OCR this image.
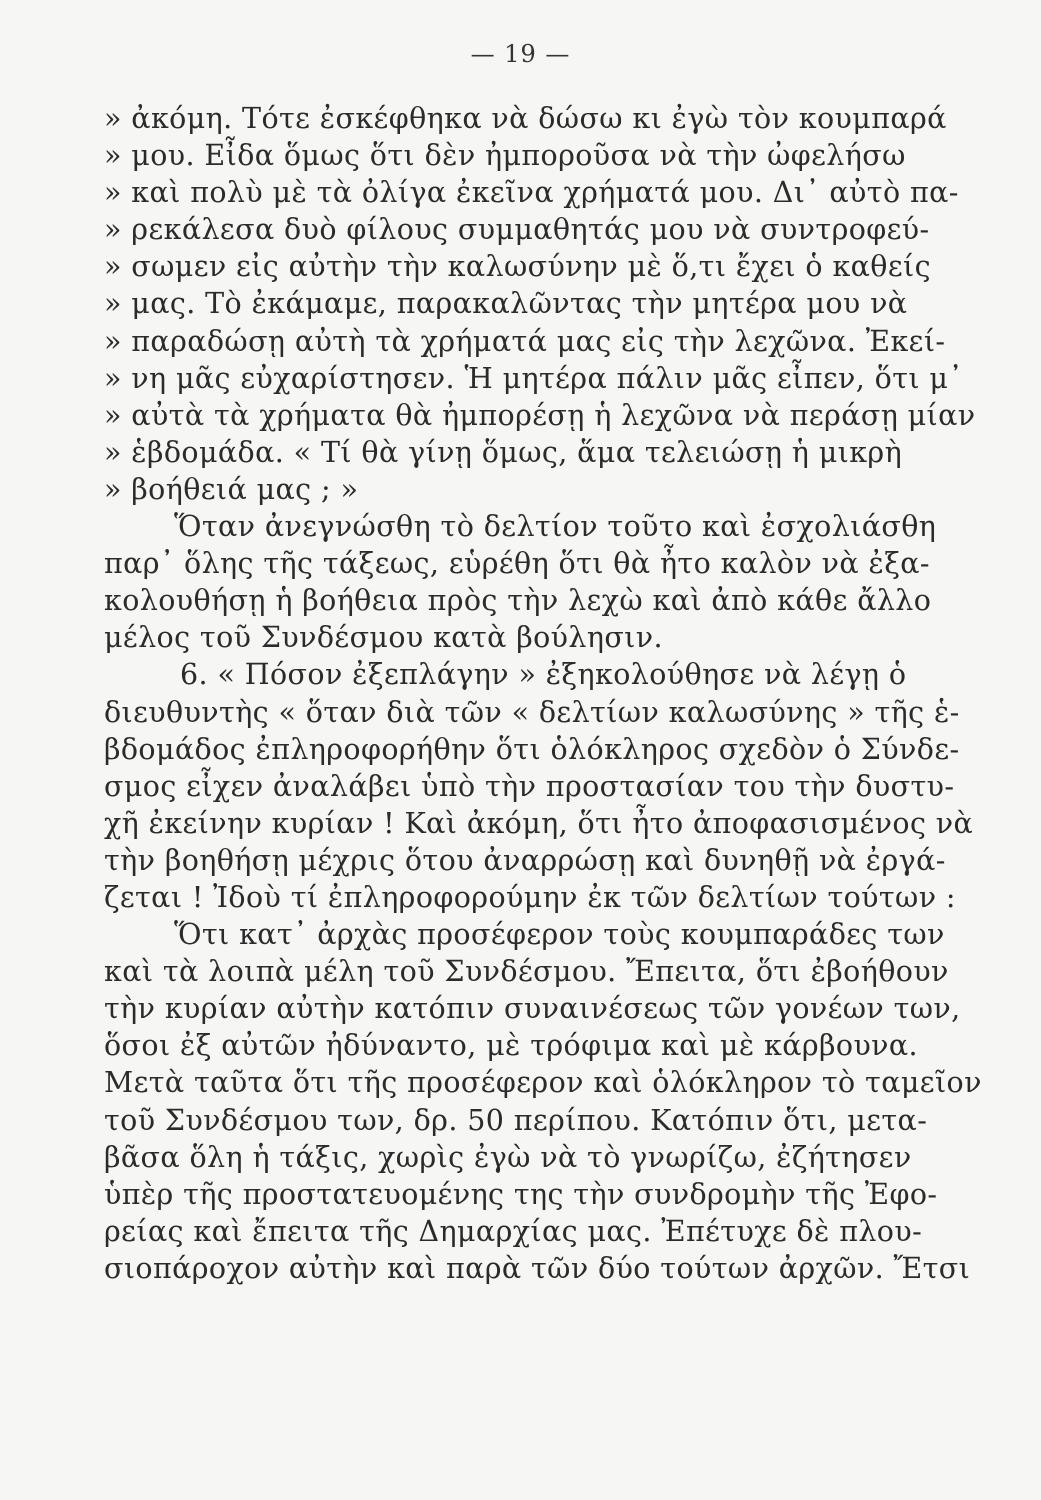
— 19 —
» ἀκόμη. Τότε ἐσκέφθηκα νὰ δώσω κι ἐγὼ τὸν κουμπαρά
» μου. Εἶδα ὅμως ὅτι δὲν ἠμποροῦσα νὰ τὴν ὠφελήσω
» καὶ πολὺ μὲ τὰ ὀλίγα ἐκεῖνα χρήματά μου. Δι᾽ αὐτὸ πα-
» ρεκάλεσα δυὸ φίλους συμμαθητάς μου νὰ συντροφεύ-
» σωμεν εἰς αὐτὴν τὴν καλωσύνην μὲ ὅ,τι ἔχει ὁ καθείς
» μας. Τὸ ἐκάμαμε, παρακαλῶντας τὴν μητέρα μου νὰ
» παραδώσῃ αὐτὴ τὰ χρήματά μας εἰς τὴν λεχῶνα. Ἐκεί-
» νη μᾶς εὐχαρίστησεν. Ἡ μητέρα πάλιν μᾶς εἶπεν, ὅτι μ᾽
» αὐτὰ τὰ χρήματα θὰ ἠμπορέσῃ ἡ λεχῶνα νὰ περάσῃ μίαν
» ἑβδομάδα. « Τί θὰ γίνῃ ὅμως, ἅμα τελειώσῃ ἡ μικρὴ
» βοήθειά μας ; »
Ὅταν ἀνεγνώσθη τὸ δελτίον τοῦτο καὶ ἐσχολιάσθη
παρ᾽ ὅλης τῆς τάξεως, εὑρέθη ὅτι θὰ ἦτο καλὸν νὰ ἐξα-
κολουθήσῃ ἡ βοήθεια πρὸς τὴν λεχὼ καὶ ἀπὸ κάθε ἄλλο
μέλος τοῦ Συνδέσμου κατὰ βούλησιν.
6. « Πόσον ἐξεπλάγην » ἐξηκολούθησε νὰ λέγῃ ὁ
διευθυντὴς « ὅταν διὰ τῶν « δελτίων καλωσύνης » τῆς ἑ-
βδομάδος ἐπληροφορήθην ὅτι ὁλόκληρος σχεδὸν ὁ Σύνδε-
σμος εἶχεν ἀναλάβει ὑπὸ τὴν προστασίαν του τὴν δυστυ-
χῆ ἐκείνην κυρίαν ! Καὶ ἀκόμη, ὅτι ἦτο ἀποφασισμένος νὰ
τὴν βοηθήσῃ μέχρις ὅτου ἀναρρώσῃ καὶ δυνηθῇ νὰ ἐργά-
ζεται ! Ἰδοὺ τί ἐπληροφορούμην ἐκ τῶν δελτίων τούτων :
Ὅτι κατ᾽ ἀρχὰς προσέφερον τοὺς κουμπαράδες των
καὶ τὰ λοιπὰ μέλη τοῦ Συνδέσμου. Ἔπειτα, ὅτι ἐβοήθουν
τὴν κυρίαν αὐτὴν κατόπιν συναινέσεως τῶν γονέων των,
ὅσοι ἐξ αὐτῶν ἠδύναντο, μὲ τρόφιμα καὶ μὲ κάρβουνα.
Μετὰ ταῦτα ὅτι τῆς προσέφερον καὶ ὁλόκληρον τὸ ταμεῖον
τοῦ Συνδέσμου των, δρ. 50 περίπου. Κατόπιν ὅτι, μετα-
βᾶσα ὅλη ἡ τάξις, χωρὶς ἐγὼ νὰ τὸ γνωρίζω, ἐζήτησεν
ὑπὲρ τῆς προστατευομένης της τὴν συνδρομὴν τῆς Ἐφο-
ρείας καὶ ἔπειτα τῆς Δημαρχίας μας. Ἐπέτυχε δὲ πλου-
σιοπάροχον αὐτὴν καὶ παρὰ τῶν δύο τούτων ἀρχῶν. Ἔτσι
